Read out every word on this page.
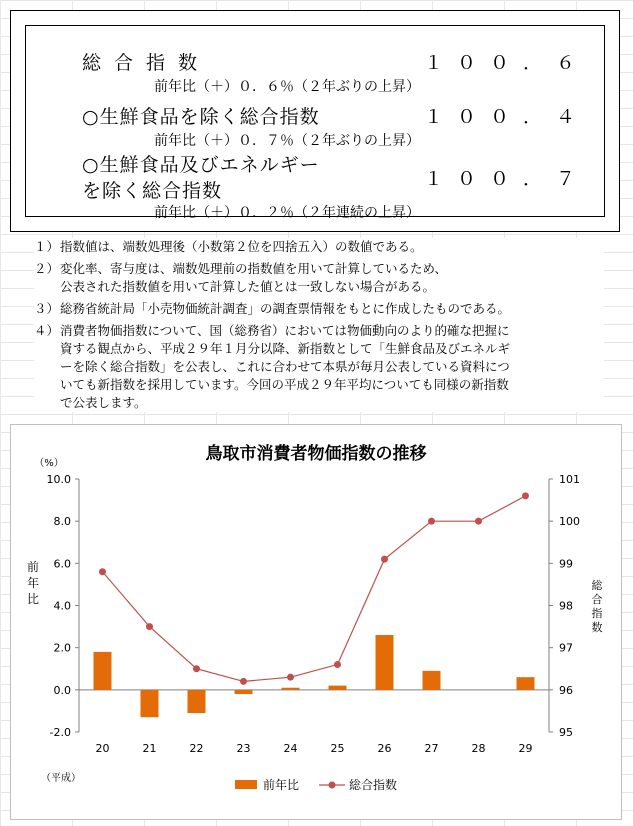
総合指数	１００．６
前年比（＋）０．６％（２年ぶりの上昇）
○生鮮食品を除く総合指数	１００．４
前年比（＋）０．７％（２年ぶりの上昇）
○生鮮食品及びエネルギー
を除く総合指数
１００．７
前年比（＋）０．２％（２年連続の上昇）
１） 指数値は、端数処理後（小数第２位を四捨五入）の数値である。
２） 変化率、寄与度は、端数処理前の指数値を用いて計算しているため、
公表された指数値を用いて計算した値とは一致しない場合がある。
３） 総務省統計局「小売物価統計調査」の調査票情報をもとに作成したものである。
４） 消費者物価指数について、国（総務省）においては物価動向のより的確な把握に
資する観点から、平成２９年１月分以降、新指数として「生鮮食品及びエネルギ
ーを除く総合指数」を公表し、これに合わせて本県が毎月公表している資料につ
いても新指数を採用しています。今回の平成２９年平均についても同様の新指数
で公表します。
鳥取市消費者物価指数の推移
（%）
（平成）
前
年
比
総
合
指
数
10.0
8.0
6.0
4.0
2.0
0.0
-2.0
101
100
99
98
97
96
95
20	21	22	23	24	25	26	27	28	29
前年比	総合指数
